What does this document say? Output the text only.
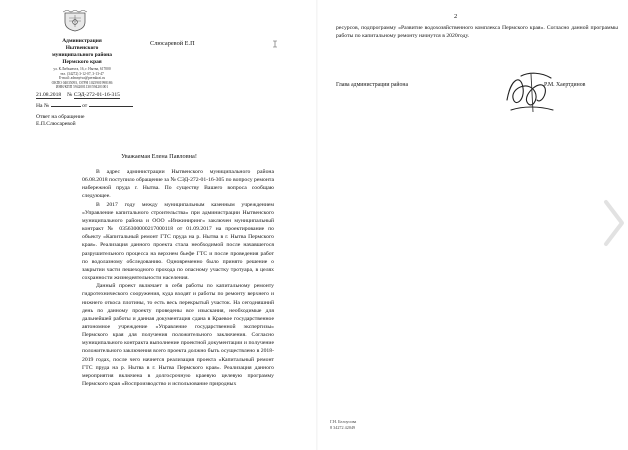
Администрация
Нытвенского
муниципального района
Пермского края
ул. К.Либкнехта, 16, г. Нытва, 617000
тел. (34272) 3-12-07, 3-13-47
E-mail: admnytva@permkrai.ru
ОКПО 04035093, ОГРН 1025901998186
ИНН/КПП 5942001130/594201001
21.08.2018 № СЭД-272-01-16-315
На №	от
Ответ на обращение
Е.П.Слюсаревой
Слюсаревой Е.П
Уважаемая Елена Павловна!

В адрес администрации Нытвенского муниципального района 06.08.2018 поступило обращение за № СЭД-272-01-16-305 по вопросу ремонта набережной пруда г. Нытва. По существу Вашего вопроса сообщаю следующее.

В 2017 году между муниципальным казенным учреждением «Управление капитального строительства» при администрации Нытвенского муниципального района и ООО «Инжиниринг» заключен муниципальный контракт № 0356300000217000118 от 01.09.2017 на проектирование по объекту «Капитальный ремонт ГТС пруда на р. Нытва в г. Нытва Пермского края». Реализация данного проекта стала необходимой после начавшегося разрушительного процесса на верхнем бьефе ГТС и после проведения работ по водолазному обследованию. Одновременно было принято решение о закрытии части пешеходного прохода по опасному участку тротуара, в целях сохранности жизнедеятельности населения.

Данный проект включает в себя работы по капитальному ремонту гидротехнического сооружения, куда входят и работы по ремонту верхнего и нижнего откоса плотины, то есть весь перекрытый участок. На сегодняшний день по данному проекту проведены все изыскания, необходимые для дальнейшей работы и данная документация сдана в Краевое государственное автономное учреждение «Управление государственной экспертизы» Пермского края для получения положительного заключения. Согласно муниципального контракта выполнение проектной документации и получение положительного заключения всего проекта должно быть осуществлено в 2018-2019 годах, после чего начнется реализация проекта «Капитальный ремонт ГТС пруда на р. Нытва в г. Нытва Пермского края». Реализация данного мероприятия включена в долгосрочную краевую целевую программу Пермского края «Воспроизводство и использование природных

2
ресурсов, подпрограмму «Развитие водохозяйственного комплекса Пермского края». Согласно данной программы работы по капитальному ремонту начнутся в 2020году.
Глава администрации района	Р.М. Хаертдинов
Г.Н. Белоусова
8 34272 42049
